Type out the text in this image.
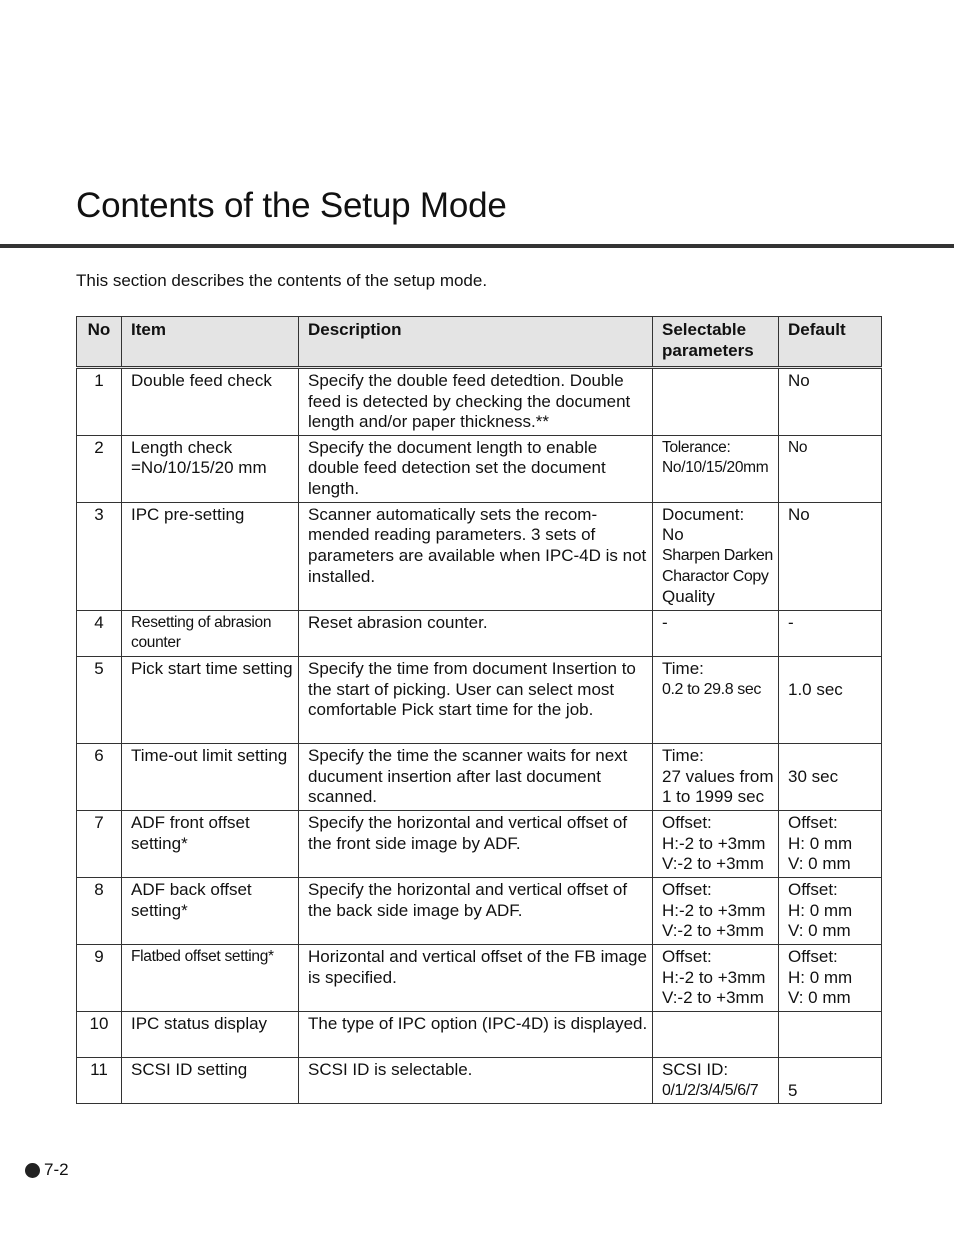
Contents of the Setup Mode

This section describes the contents of the setup mode.

No	Item	Description	Selectable
parameters	Default
1	Double feed check	Specify the double feed detedtion. Double feed is detected by checking the document length and/or paper thickness.**		No

2	Length check =No/10/15/20 mm	Specify the document length to enable double feed detection set the document length.	Tolerance:
No/10/15/20mm	No

3	IPC pre-setting	Scanner automatically sets the recom-mended reading parameters. 3 sets of parameters are available when IPC-4D is not installed.	Document:
No
Sharpen Darken
Charactor Copy
Quality	No

4	Resetting of abrasion counter	Reset abrasion counter.	-	-

5	Pick start time setting	Specify the time from document Insertion to the start of picking. User can select most comfortable Pick start time for the job.	Time:
0.2 to 29.8 sec	1.0 sec

6	Time-out limit setting	Specify the time the scanner waits for next ducument insertion after last document scanned.	Time:
27 values from
1 to 1999 sec	30 sec

7	ADF front offset setting*	Specify the horizontal and vertical offset of the front side image by ADF.	Offset:
H:-2 to +3mm
V:-2 to +3mm	Offset:
H: 0 mm
V: 0 mm

8	ADF back offset setting*	Specify the horizontal and vertical offset of the back side image by ADF.	Offset:
H:-2 to +3mm
V:-2 to +3mm	Offset:
H: 0 mm
V: 0 mm

9	Flatbed offset setting*	Horizontal and vertical offset of the FB image is specified.	Offset:
H:-2 to +3mm
V:-2 to +3mm	Offset:
H: 0 mm
V: 0 mm

10	IPC status display	The type of IPC option (IPC-4D) is displayed.		
11	SCSI ID setting	SCSI ID is selectable.	SCSI ID:
0/1/2/3/4/5/6/7	5
7-2
